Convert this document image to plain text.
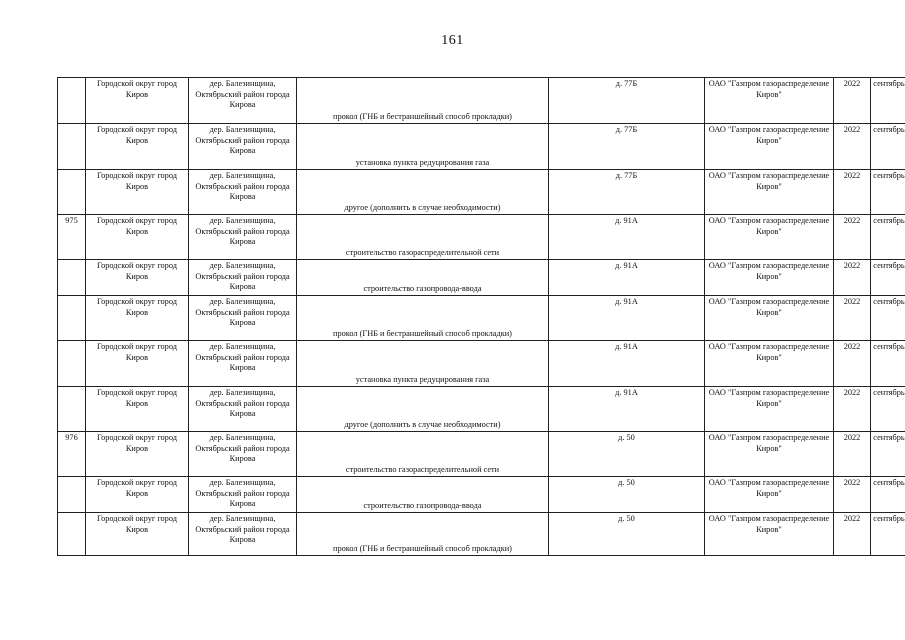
161

	Городской округ город Киров	дер. Балезинщина, Октябрьский район города Кирова	прокол (ГНБ и бестраншейный способ прокладки)	д. 77Б	ОАО "Газпром газораспределение Киров"	2022	сентябрь

	Городской округ город Киров	дер. Балезинщина, Октябрьский район города Кирова	установка пункта редуцирования газа	д. 77Б	ОАО "Газпром газораспределение Киров"	2022	сентябрь

	Городской округ город Киров	дер. Балезинщина, Октябрьский район города Кирова	другое (дополнить в случае необходимости)	д. 77Б	ОАО "Газпром газораспределение Киров"	2022	сентябрь

975	Городской округ город Киров	дер. Балезинщина, Октябрьский район города Кирова	строительство газораспределительной сети	д. 91А	ОАО "Газпром газораспределение Киров"	2022	сентябрь

	Городской округ город Киров	дер. Балезинщина, Октябрьский район города Кирова	строительство газопровода-ввода	д. 91А	ОАО "Газпром газораспределение Киров"	2022	сентябрь

	Городской округ город Киров	дер. Балезинщина, Октябрьский район города Кирова	прокол (ГНБ и бестраншейный способ прокладки)	д. 91А	ОАО "Газпром газораспределение Киров"	2022	сентябрь

	Городской округ город Киров	дер. Балезинщина, Октябрьский район города Кирова	установка пункта редуцирования газа	д. 91А	ОАО "Газпром газораспределение Киров"	2022	сентябрь

	Городской округ город Киров	дер. Балезинщина, Октябрьский район города Кирова	другое (дополнить в случае необходимости)	д. 91А	ОАО "Газпром газораспределение Киров"	2022	сентябрь

976	Городской округ город Киров	дер. Балезинщина, Октябрьский район города Кирова	строительство газораспределительной сети	д. 50	ОАО "Газпром газораспределение Киров"	2022	сентябрь

	Городской округ город Киров	дер. Балезинщина, Октябрьский район города Кирова	строительство газопровода-ввода	д. 50	ОАО "Газпром газораспределение Киров"	2022	сентябрь

	Городской округ город Киров	дер. Балезинщина, Октябрьский район города Кирова	прокол (ГНБ и бестраншейный способ прокладки)	д. 50	ОАО "Газпром газораспределение Киров"	2022	сентябрь
